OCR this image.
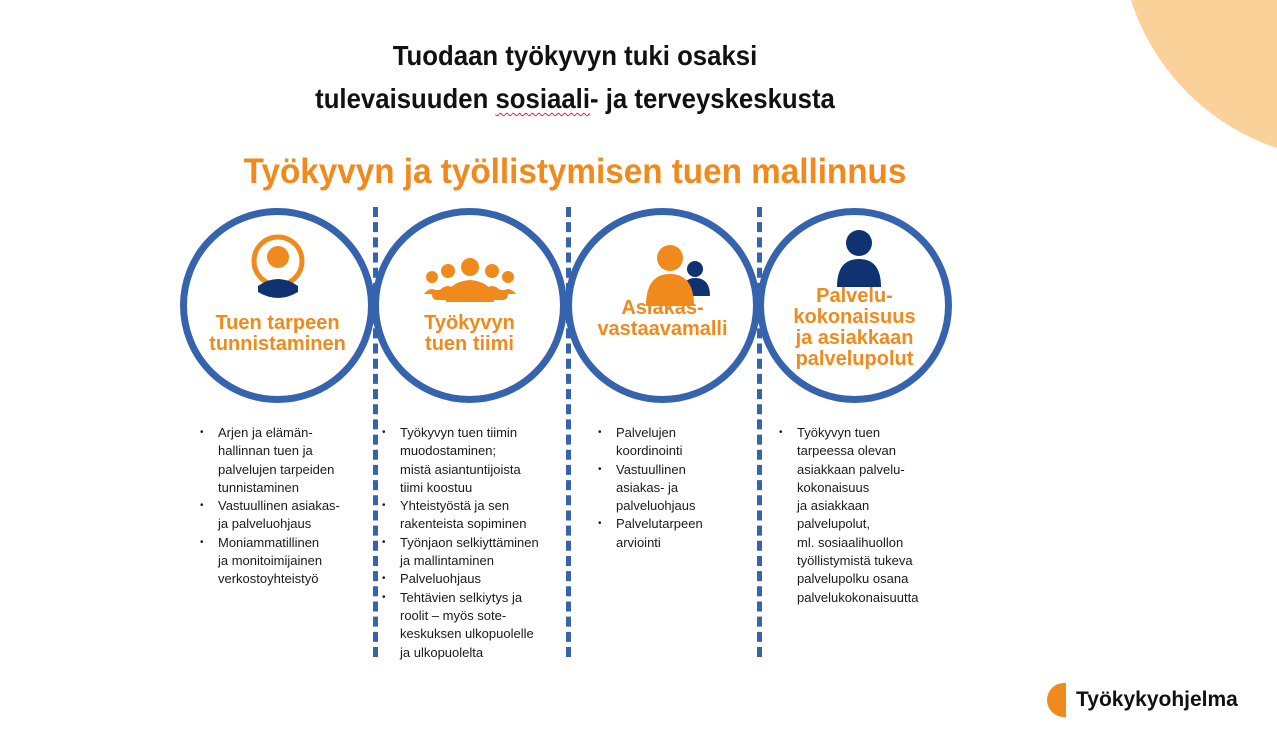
Tuodaan työkyvyn tuki osaksi
tulevaisuuden sosiaali- ja terveyskeskusta
Työkyvyn ja työllistymisen tuen mallinnus
Tuen tarpeen
tunnistaminen
Työkyvyn
tuen tiimi
Asiakas-
vastaavamalli
Palvelu-
kokonaisuus
ja asiakkaan
palvelupolut
• Arjen ja elämän-
hallinnan tuen ja
palvelujen tarpeiden
tunnistaminen
• Vastuullinen asiakas-
ja palveluohjaus
• Moniammatillinen
ja monitoimijainen
verkostoyhteistyö
• Työkyvyn tuen tiimin
muodostaminen;
mistä asiantuntijoista
tiimi koostuu
• Yhteistyöstä ja sen
rakenteista sopiminen
• Työnjaon selkiyttäminen
ja mallintaminen
• Palveluohjaus
• Tehtävien selkiytys ja
roolit – myös sote-
keskuksen ulkopuolelle
ja ulkopuolelta
• Palvelujen
koordinointi
• Vastuullinen
asiakas- ja
palveluohjaus
• Palvelutarpeen
arviointi
• Työkyvyn tuen
tarpeessa olevan
asiakkaan palvelu-
kokonaisuus
ja asiakkaan
palvelupolut,
ml. sosiaalihuollon
työllistymistä tukeva
palvelupolku osana
palvelukokonaisuutta
Työkykyohjelma
